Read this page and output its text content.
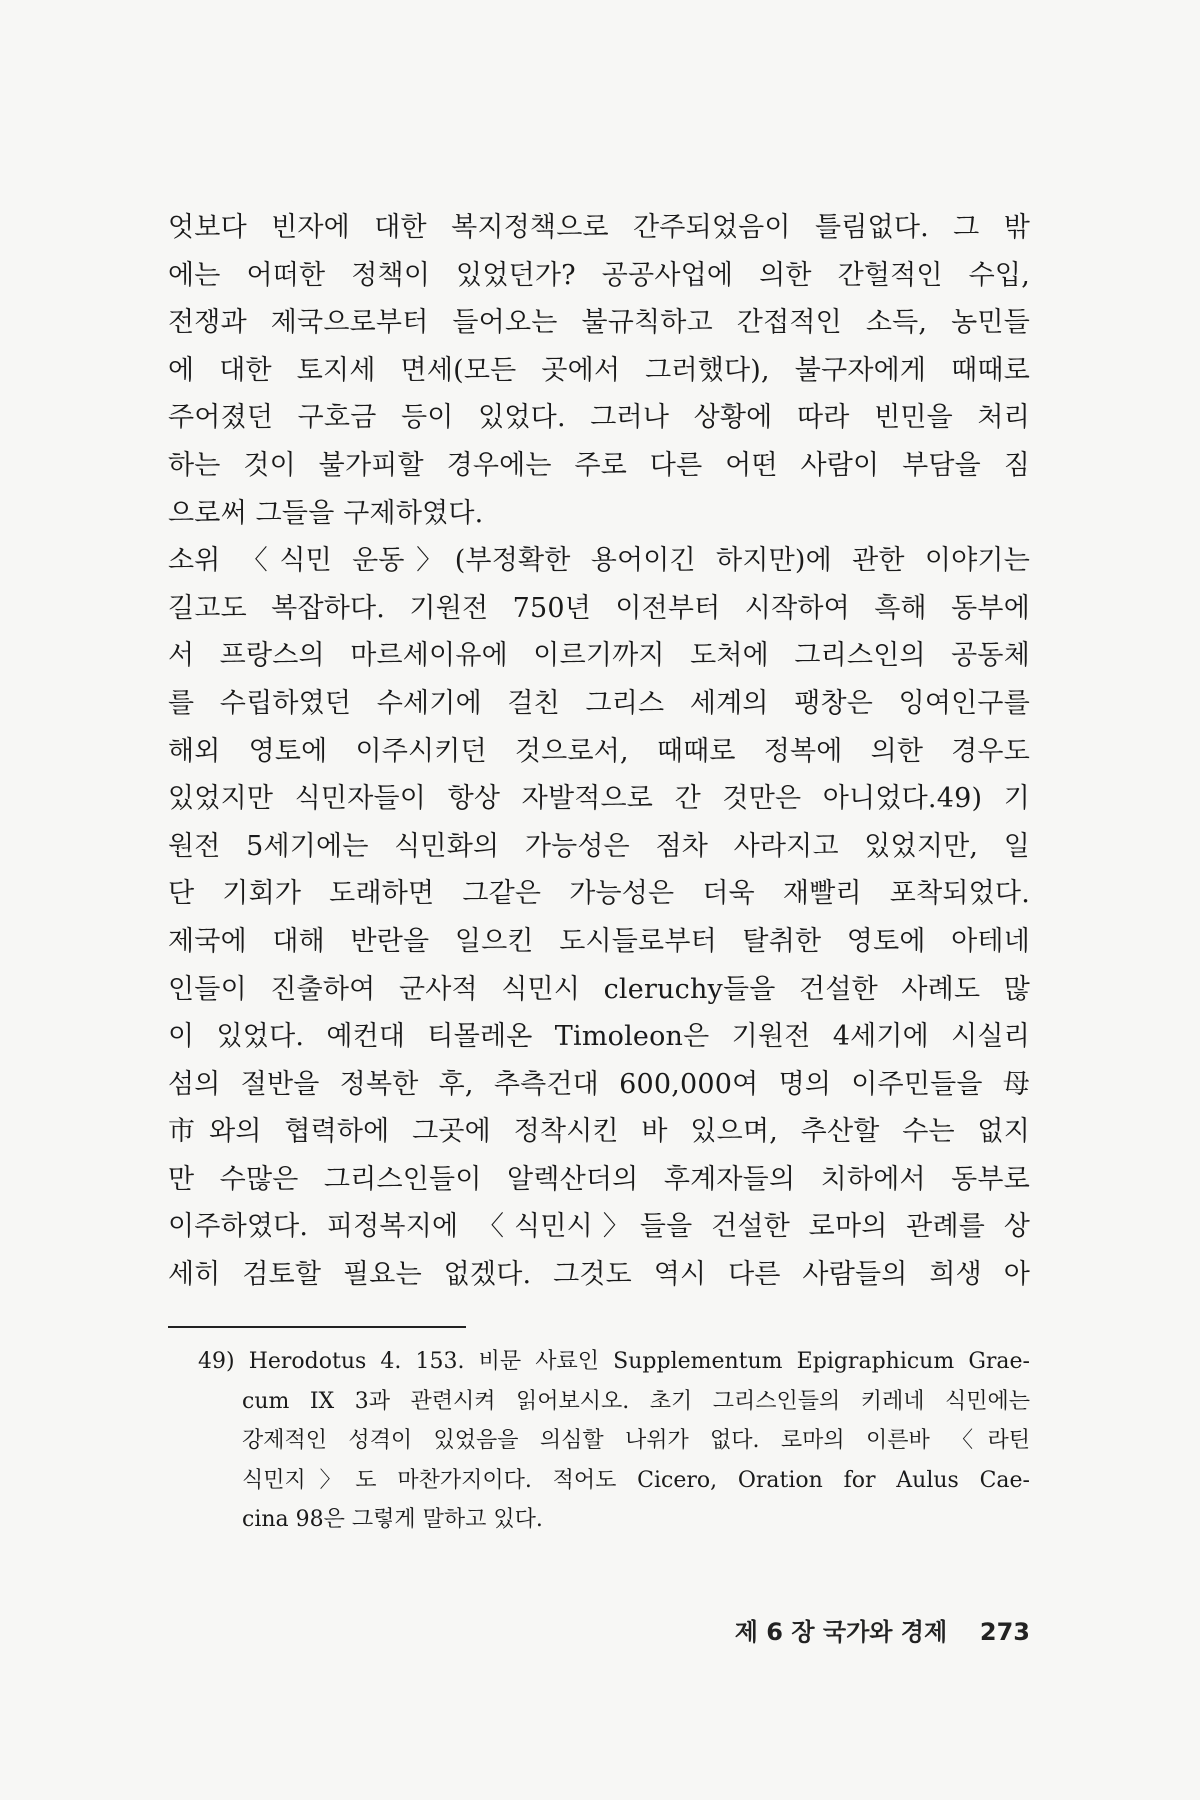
엇보다 빈자에 대한 복지정책으로 간주되었음이 틀림없다. 그 밖
에는 어떠한 정책이 있었던가? 공공사업에 의한 간헐적인 수입,
전쟁과 제국으로부터 들어오는 불규칙하고 간접적인 소득, 농민들
에 대한 토지세 면세(모든 곳에서 그러했다), 불구자에게 때때로
주어졌던 구호금 등이 있었다. 그러나 상황에 따라 빈민을 처리
하는 것이 불가피할 경우에는 주로 다른 어떤 사람이 부담을 짐
으로써 그들을 구제하였다.
소위 〈식민 운동〉(부정확한 용어이긴 하지만)에 관한 이야기는
길고도 복잡하다. 기원전 750년 이전부터 시작하여 흑해 동부에
서 프랑스의 마르세이유에 이르기까지 도처에 그리스인의 공동체
를 수립하였던 수세기에 걸친 그리스 세계의 팽창은 잉여인구를
해외 영토에 이주시키던 것으로서, 때때로 정복에 의한 경우도
있었지만 식민자들이 항상 자발적으로 간 것만은 아니었다.49) 기
원전 5세기에는 식민화의 가능성은 점차 사라지고 있었지만, 일
단 기회가 도래하면 그같은 가능성은 더욱 재빨리 포착되었다.
제국에 대해 반란을 일으킨 도시들로부터 탈취한 영토에 아테네
인들이 진출하여 군사적 식민시 cleruchy들을 건설한 사례도 많
이 있었다. 예컨대 티몰레온 Timoleon은 기원전 4세기에 시실리
섬의 절반을 정복한 후, 추측건대 600,000여 명의 이주민들을 母
市와의 협력하에 그곳에 정착시킨 바 있으며, 추산할 수는 없지
만 수많은 그리스인들이 알렉산더의 후계자들의 치하에서 동부로
이주하였다. 피정복지에 〈식민시〉들을 건설한 로마의 관례를 상
세히 검토할 필요는 없겠다. 그것도 역시 다른 사람들의 희생 아
49) Herodotus 4. 153. 비문 사료인 Supplementum Epigraphicum Grae-
cum IX 3과 관련시켜 읽어보시오. 초기 그리스인들의 키레네 식민에는
강제적인 성격이 있었음을 의심할 나위가 없다. 로마의 이른바 〈라틴
식민지〉도 마찬가지이다. 적어도 Cicero, Oration for Aulus Cae-
cina 98은 그렇게 말하고 있다.
제 6 장 국가와 경제 273
